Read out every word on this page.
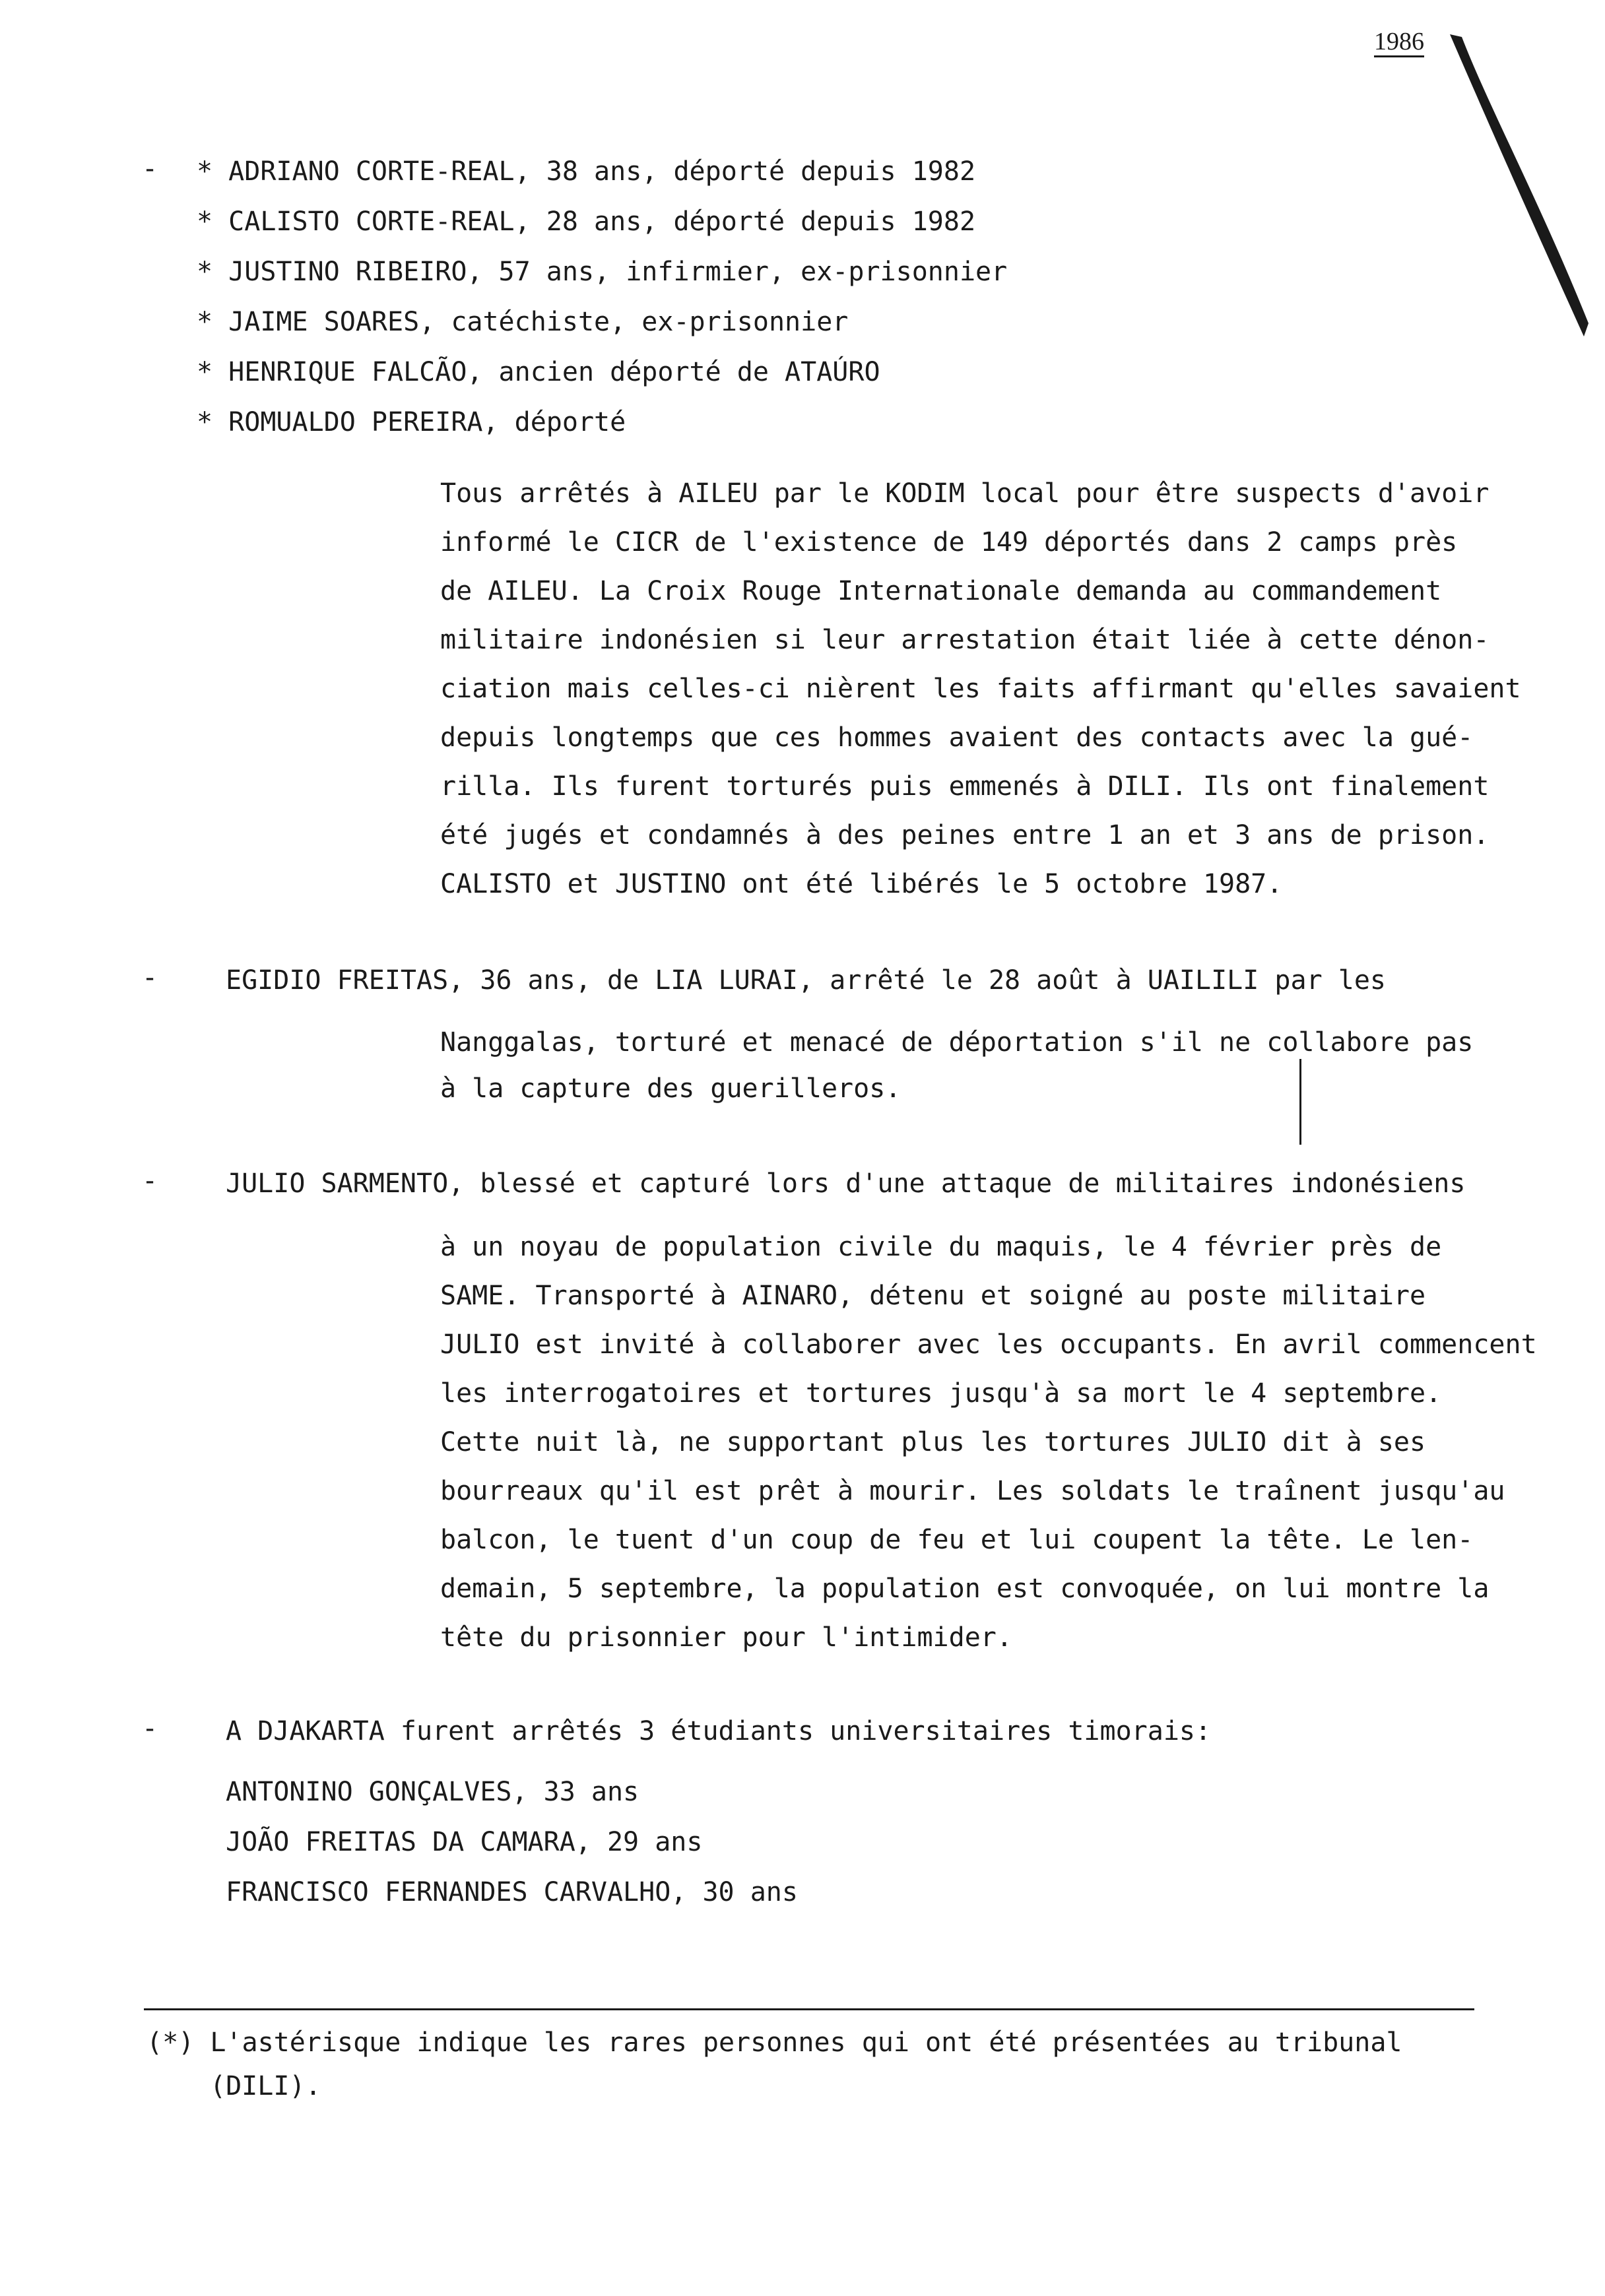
1986
- * ADRIANO CORTE-REAL, 38 ans, déporté depuis 1982
* CALISTO CORTE-REAL, 28 ans, déporté depuis 1982
* JUSTINO RIBEIRO, 57 ans, infirmier, ex-prisonnier
* JAIME SOARES, catéchiste, ex-prisonnier
* HENRIQUE FALCÃO, ancien déporté de ATAÚRO
* ROMUALDO PEREIRA, déporté
Tous arrêtés à AILEU par le KODIM local pour être suspects d'avoir
informé le CICR de l'existence de 149 déportés dans 2 camps près
de AILEU. La Croix Rouge Internationale demanda au commandement
militaire indonésien si leur arrestation était liée à cette dénon-
ciation mais celles-ci nièrent les faits affirmant qu'elles savaient
depuis longtemps que ces hommes avaient des contacts avec la gué-
rilla. Ils furent torturés puis emmenés à DILI. Ils ont finalement
été jugés et condamnés à des peines entre 1 an et 3 ans de prison.
CALISTO et JUSTINO ont été libérés le 5 octobre 1987.
-	EGIDIO FREITAS, 36 ans, de LIA LURAI, arrêté le 28 août à UAILILI par les
Nanggalas, torturé et menacé de déportation s'il ne collabore pas
à la capture des guerilleros.
-	JULIO SARMENTO, blessé et capturé lors d'une attaque de militaires indonésiens
à un noyau de population civile du maquis, le 4 février près de
SAME. Transporté à AINARO, détenu et soigné au poste militaire
JULIO est invité à collaborer avec les occupants. En avril commencent
les interrogatoires et tortures jusqu'à sa mort le 4 septembre.
Cette nuit là, ne supportant plus les tortures JULIO dit à ses
bourreaux qu'il est prêt à mourir. Les soldats le traînent jusqu'au
balcon, le tuent d'un coup de feu et lui coupent la tête. Le len-
demain, 5 septembre, la population est convoquée, on lui montre la
tête du prisonnier pour l'intimider.
-	A DJAKARTA furent arrêtés 3 étudiants universitaires timorais:
ANTONINO GONÇALVES, 33 ans
JOÃO FREITAS DA CAMARA, 29 ans
FRANCISCO FERNANDES CARVALHO, 30 ans
(*) L'astérisque indique les rares personnes qui ont été présentées au tribunal
(DILI).
